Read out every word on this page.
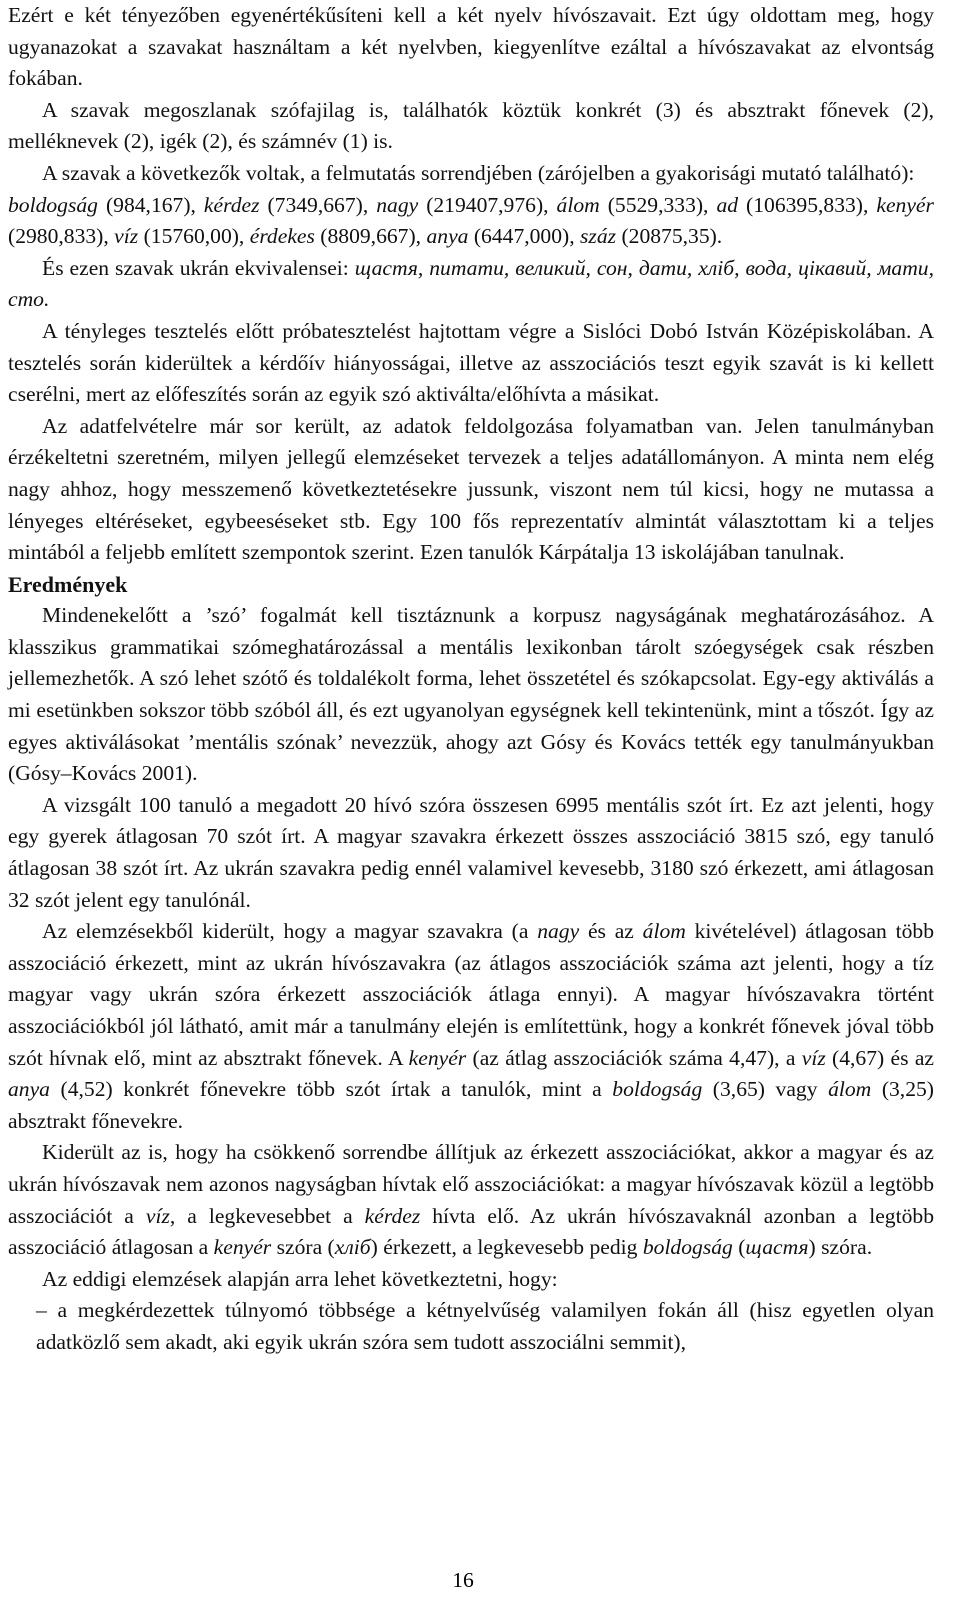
Ezért e két tényezőben egyenértékűsíteni kell a két nyelv hívószavait. Ezt úgy oldottam meg, hogy ugyanazokat a szavakat használtam a két nyelvben, kiegyenlítve ezáltal a hívószavakat az elvontság fokában.

A szavak megoszlanak szófajilag is, találhatók köztük konkrét (3) és absztrakt főnevek (2), melléknevek (2), igék (2), és számnév (1) is.

A szavak a következők voltak, a felmutatás sorrendjében (zárójelben a gyakorisági mutató található):

boldogság (984,167), kérdez (7349,667), nagy (219407,976), álom (5529,333), ad (106395,833), kenyér (2980,833), víz (15760,00), érdekes (8809,667), anya (6447,000), száz (20875,35).

És ezen szavak ukrán ekvivalensei: щастя, питати, великий, сон, дати, хліб, вода, цікавий, мати, сто.

A tényleges tesztelés előtt próbatesztelést hajtottam végre a Sislóci Dobó István Középiskolában. A tesztelés során kiderültek a kérdőív hiányosságai, illetve az asszociációs teszt egyik szavát is ki kellett cserélni, mert az előfeszítés során az egyik szó aktiválta/előhívta a másikat.

Az adatfelvételre már sor került, az adatok feldolgozása folyamatban van. Jelen tanulmányban érzékeltetni szeretném, milyen jellegű elemzéseket tervezek a teljes adatállományon. A minta nem elég nagy ahhoz, hogy messzemenő következtetésekre jussunk, viszont nem túl kicsi, hogy ne mutassa a lényeges eltéréseket, egybeeséseket stb. Egy 100 fős reprezentatív almintát választottam ki a teljes mintából a feljebb említett szempontok szerint. Ezen tanulók Kárpátalja 13 iskolájában tanulnak.

Eredmények

Mindenekelőtt a ’szó’ fogalmát kell tisztáznunk a korpusz nagyságának meghatározásához. A klasszikus grammatikai szómeghatározással a mentális lexikonban tárolt szóegységek csak részben jellemezhetők. A szó lehet szótő és toldalékolt forma, lehet összetétel és szókapcsolat. Egy-egy aktiválás a mi esetünkben sokszor több szóból áll, és ezt ugyanolyan egységnek kell tekintenünk, mint a tőszót. Így az egyes aktiválásokat ’mentális szónak’ nevezzük, ahogy azt Gósy és Kovács tették egy tanulmányukban (Gósy–Kovács 2001).

A vizsgált 100 tanuló a megadott 20 hívó szóra összesen 6995 mentális szót írt. Ez azt jelenti, hogy egy gyerek átlagosan 70 szót írt. A magyar szavakra érkezett összes asszociáció 3815 szó, egy tanuló átlagosan 38 szót írt. Az ukrán szavakra pedig ennél valamivel kevesebb, 3180 szó érkezett, ami átlagosan 32 szót jelent egy tanulónál.

Az elemzésekből kiderült, hogy a magyar szavakra (a nagy és az álom kivételével) átlagosan több asszociáció érkezett, mint az ukrán hívószavakra (az átlagos asszociációk száma azt jelenti, hogy a tíz magyar vagy ukrán szóra érkezett asszociációk átlaga ennyi). A magyar hívószavakra történt asszociációkból jól látható, amit már a tanulmány elején is említettünk, hogy a konkrét főnevek jóval több szót hívnak elő, mint az absztrakt főnevek. A kenyér (az átlag asszociációk száma 4,47), a víz (4,67) és az anya (4,52) konkrét főnevekre több szót írtak a tanulók, mint a boldogság (3,65) vagy álom (3,25) absztrakt főnevekre.

Kiderült az is, hogy ha csökkenő sorrendbe állítjuk az érkezett asszociációkat, akkor a magyar és az ukrán hívószavak nem azonos nagyságban hívtak elő asszociációkat: a magyar hívószavak közül a legtöbb asszociációt a víz, a legkevesebbet a kérdez hívta elő. Az ukrán hívószavaknál azonban a legtöbb asszociáció átlagosan a kenyér szóra (хліб) érkezett, a legkevesebb pedig boldogság (щастя) szóra.

Az eddigi elemzések alapján arra lehet következtetni, hogy:

– a megkérdezettek túlnyomó többsége a kétnyelvűség valamilyen fokán áll (hisz egyetlen olyan adatközlő sem akadt, aki egyik ukrán szóra sem tudott asszociálni semmit),

16
